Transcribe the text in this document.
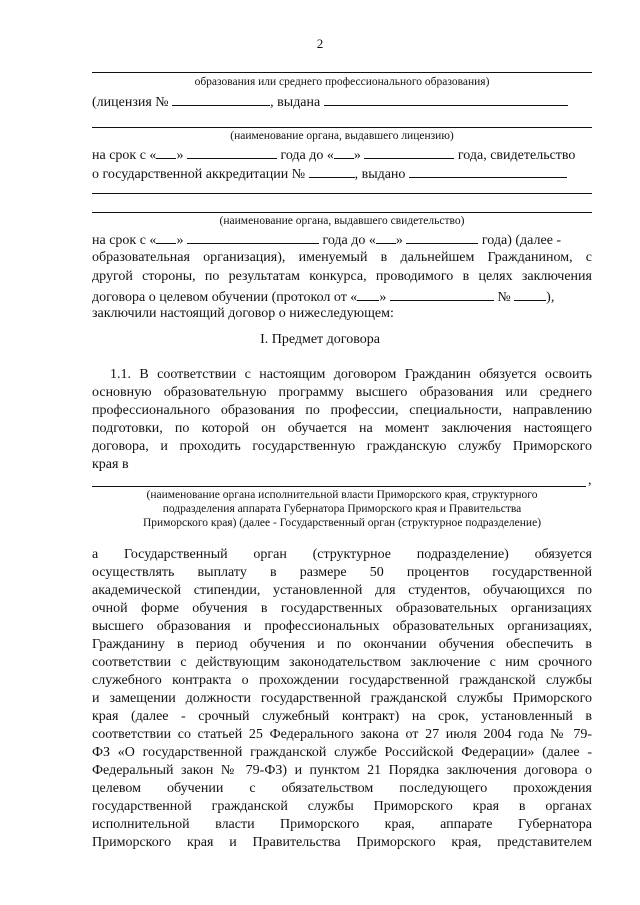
2
образования или среднего профессионального образования)
(лицензия №	, выдана
(наименование органа, выдавшего лицензию)
на срок с « »	года до « »	года, свидетельство
о государственной аккредитации №	, выдано
(наименование органа, выдавшего свидетельство)
на срок с « »	года до « »	года) (далее -
образовательная организация), именуемый в дальнейшем Гражданином, с
другой стороны, по результатам конкурса, проводимого в целях заключения
договора о целевом обучении (протокол от « »	№	),
заключили настоящий договор о нижеследующем:
I. Предмет договора
1.1. В соответствии с настоящим договором Гражданин обязуется освоить
основную образовательную программу высшего образования или среднего
профессионального образования по профессии, специальности, направлению
подготовки, по которой он обучается на момент заключения настоящего
договора, и проходить государственную гражданскую службу Приморского
края в
,
(наименование органа исполнительной власти Приморского края, структурного
подразделения аппарата Губернатора Приморского края и Правительства
Приморского края) (далее - Государственный орган (структурное подразделение)
а Государственный орган (структурное подразделение) обязуется
осуществлять выплату в размере 50 процентов государственной
академической стипендии, установленной для студентов, обучающихся по
очной форме обучения в государственных образовательных организациях
высшего образования и профессиональных образовательных организациях,
Гражданину в период обучения и по окончании обучения обеспечить в
соответствии с действующим законодательством заключение с ним срочного
служебного контракта о прохождении государственной гражданской службы
и замещении должности государственной гражданской службы Приморского
края (далее - срочный служебный контракт) на срок, установленный в
соответствии со статьей 25 Федерального закона от 27 июля 2004 года № 79-
ФЗ «О государственной гражданской службе Российской Федерации» (далее -
Федеральный закон № 79-ФЗ) и пунктом 21 Порядка заключения договора о
целевом обучении с обязательством последующего прохождения
государственной гражданской службы Приморского края в органах
исполнительной власти Приморского края, аппарате Губернатора
Приморского края и Правительства Приморского края, представителем
